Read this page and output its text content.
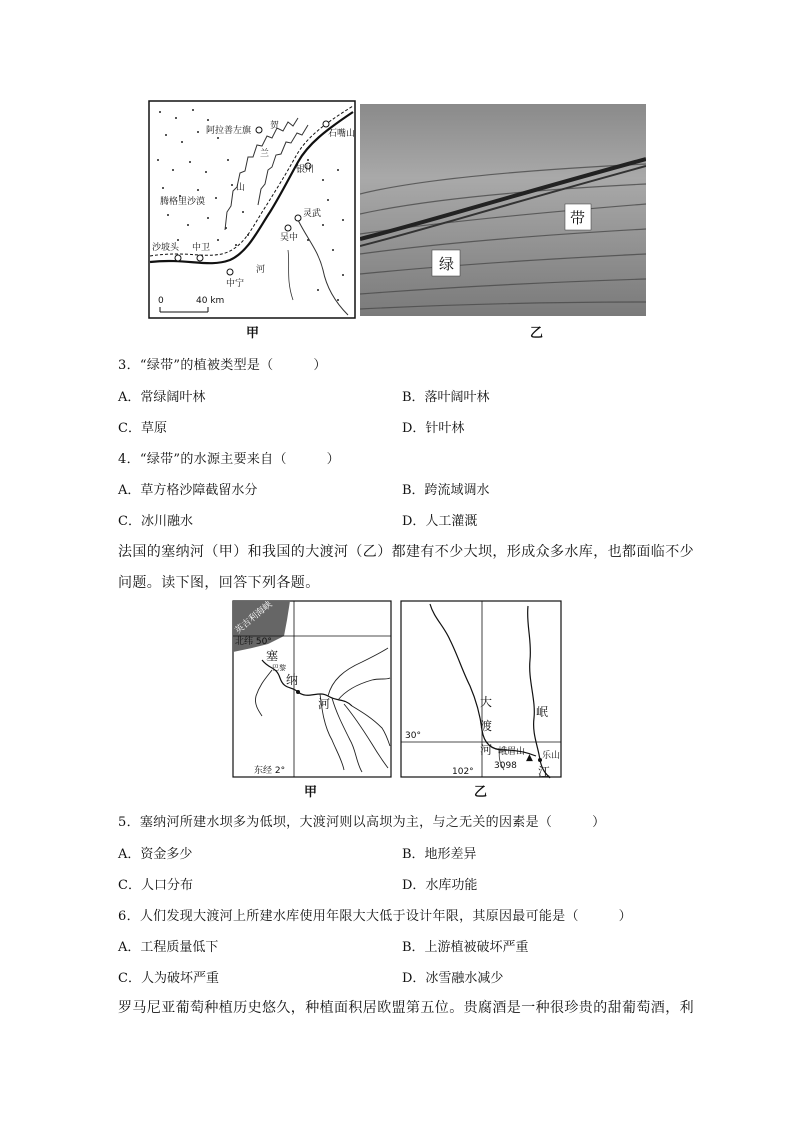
阿拉善左旗	石嘴山
银川
灵武
吴中
沙坡头 中卫
中宁
腾格里沙漠
贺
兰
山
河
0	40 km
绿
带
甲	乙
3．“绿带”的植被类型是（　　　）
A．常绿阔叶林	B．落叶阔叶林
C．草原	D．针叶林
4．“绿带”的水源主要来自（　　　）
A．草方格沙障截留水分	B．跨流域调水
C．冰川融水	D．人工灌溉
法国的塞纳河（甲）和我国的大渡河（乙）都建有不少大坝，形成众多水库，也都面临不少
问题。读下图，回答下列各题。
英吉利海峡
北纬 50°
东经 2°
塞
巴黎
纳
河	大
渡
河
岷
江
30°
102°
峨眉山
3098
▲ 乐山
甲	乙
5．塞纳河所建水坝多为低坝，大渡河则以高坝为主，与之无关的因素是（　　　）
A．资金多少	B．地形差异
C．人口分布	D．水库功能
6．人们发现大渡河上所建水库使用年限大大低于设计年限，其原因最可能是（　　　）
A．工程质量低下	B．上游植被破坏严重
C．人为破坏严重	D．冰雪融水减少
罗马尼亚葡萄种植历史悠久，种植面积居欧盟第五位。贵腐酒是一种很珍贵的甜葡萄酒，利
